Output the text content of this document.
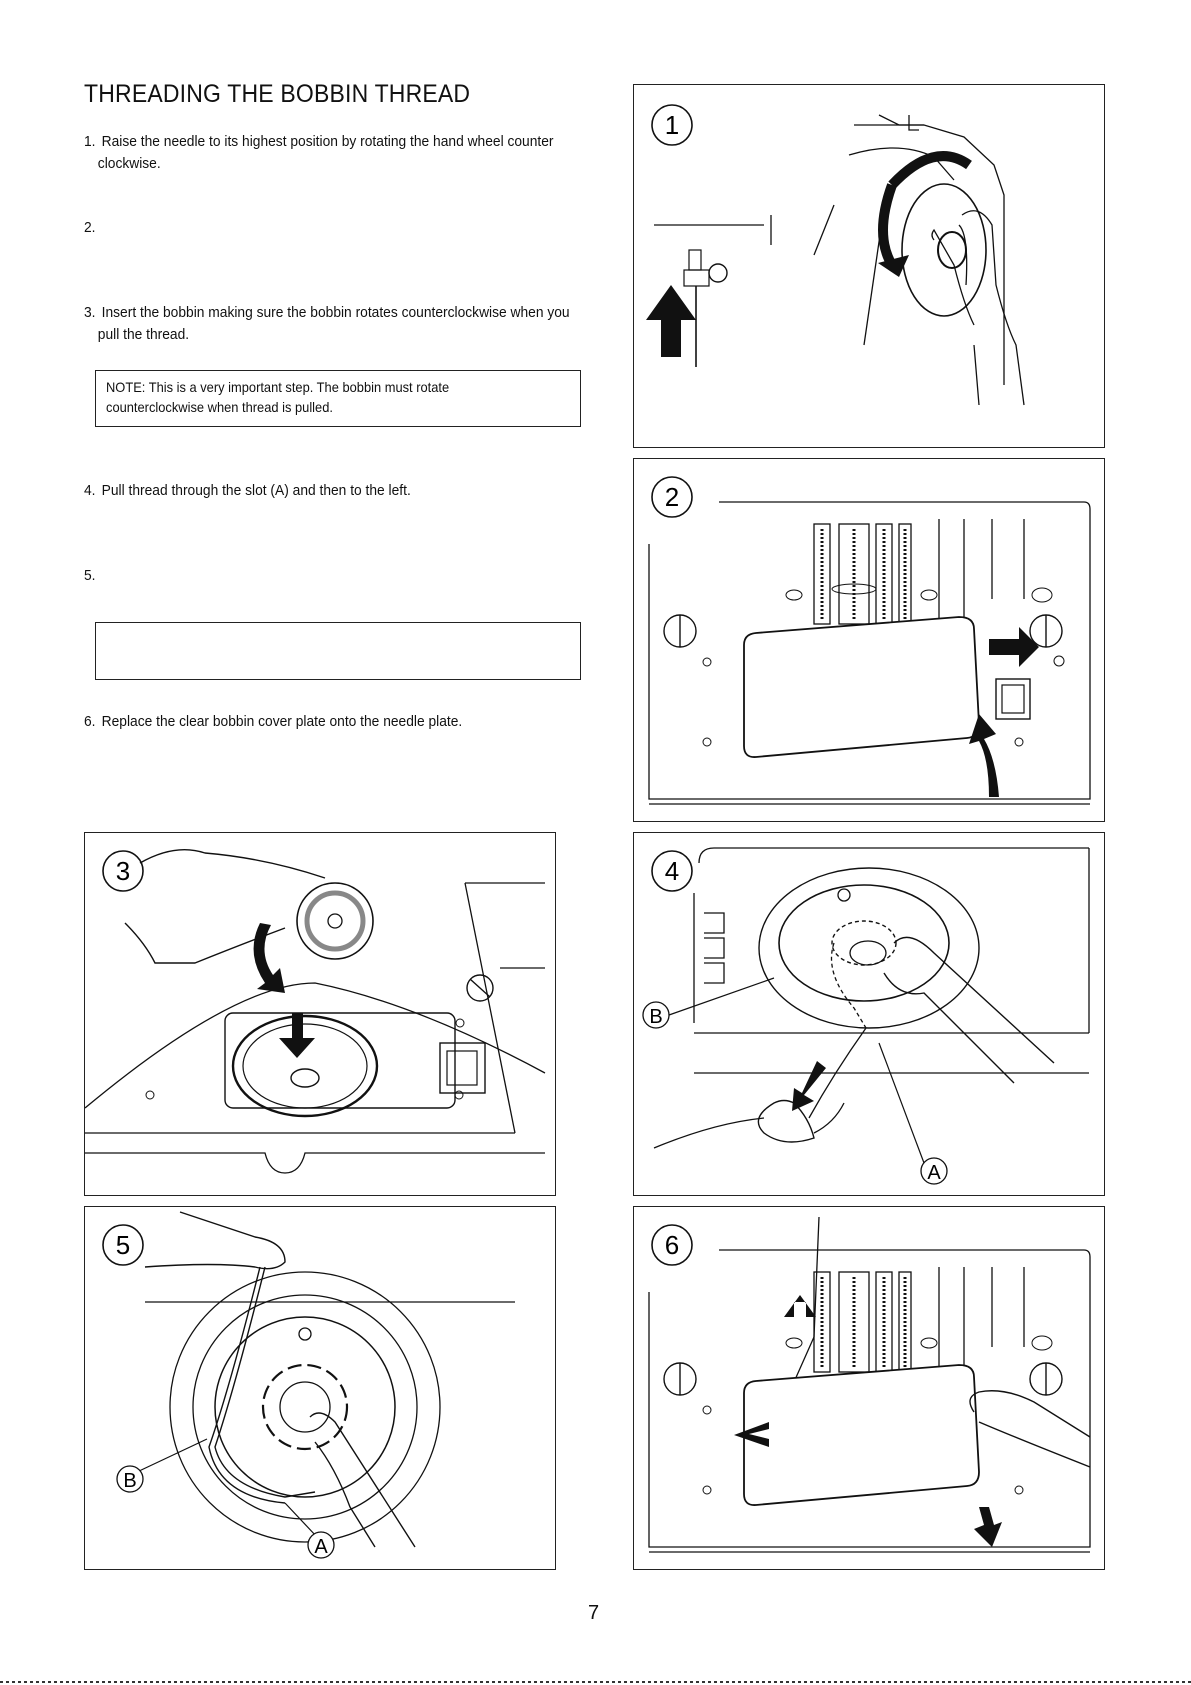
THREADING THE BOBBIN THREAD
1. Raise the needle to its highest position by rotating the hand wheel counter
clockwise.
2.
3. Insert the bobbin making sure the bobbin rotates counterclockwise when you
pull the thread.
NOTE: This is a very important step. The bobbin must rotate
counterclockwise when thread is pulled.
4. Pull thread through the slot (A) and then to the left.
5.
6. Replace the clear bobbin cover plate onto the needle plate.
1
2
3	4
B
A
5
B
A
6
7
